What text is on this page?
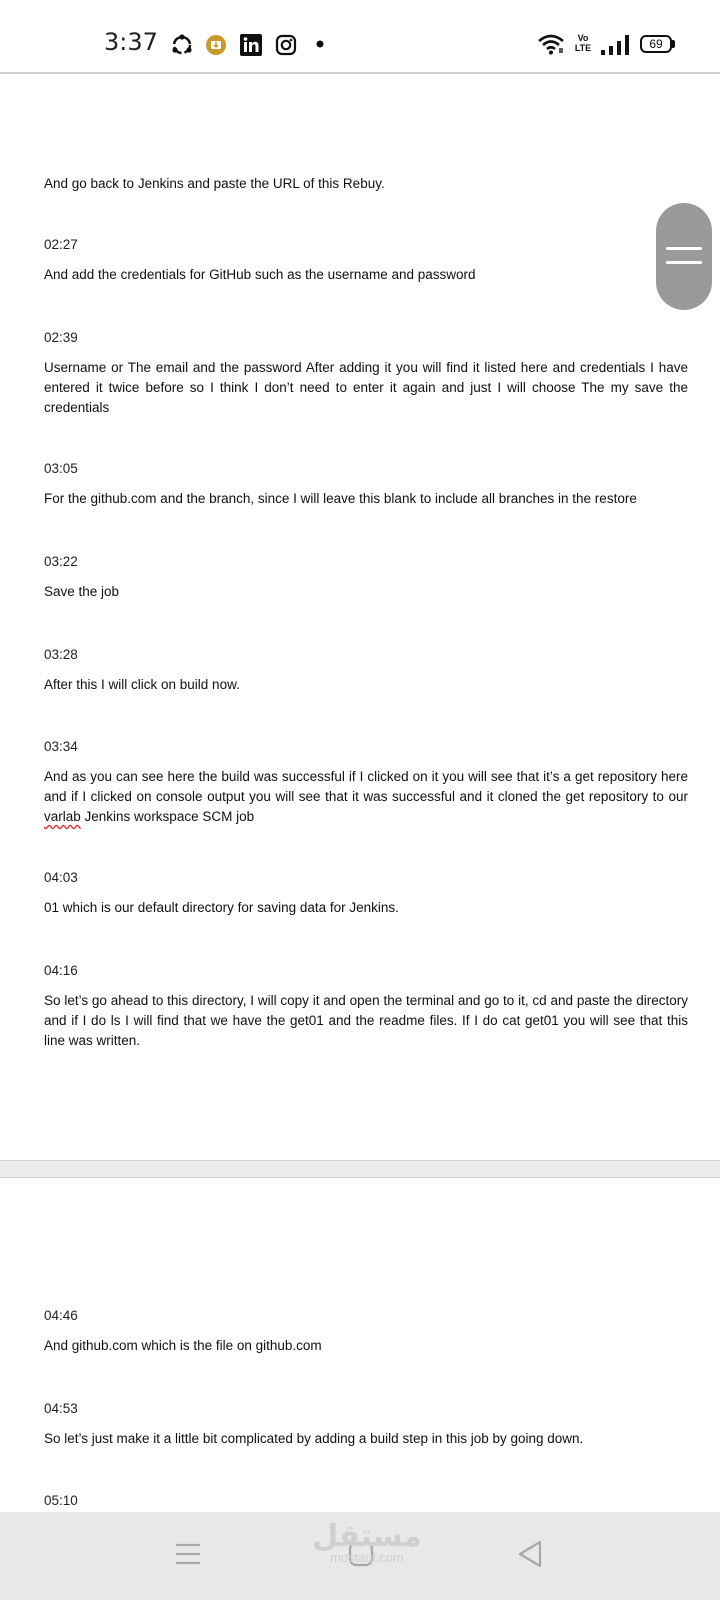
3:37	Vo
LTE	69
And go back to Jenkins and paste the URL of this Rebuy.
02:27
And add the credentials for GitHub such as the username and password
02:39
Username or The email and the password After adding it you will find it listed here and credentials I have entered it twice before so I think I don’t need to enter it again and just I will choose The my save the credentials
03:05
For the github.com and the branch, since I will leave this blank to include all branches in the restore
03:22
Save the job
03:28
After this I will click on build now.
03:34
And as you can see here the build was successful if I clicked on it you will see that it’s a get repository here and if I clicked on console output you will see that it was successful and it cloned the get repository to our varlab Jenkins workspace SCM job
04:03
01 which is our default directory for saving data for Jenkins.
04:16
So let’s go ahead to this directory, I will copy it and open the terminal and go to it, cd and paste the directory and if I do ls I will find that we have the get01 and the readme files. If I do cat get01 you will see that this line was written.
04:46
And github.com which is the file on github.com
04:53
So let’s just make it a little bit complicated by adding a build step in this job by going down.
05:10
مستقل
mostaql.com
